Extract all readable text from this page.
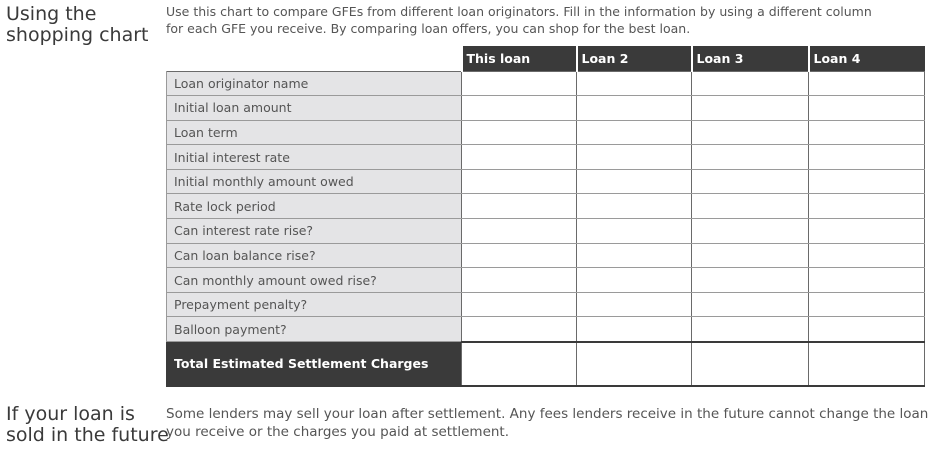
Using the
shopping chart

Use this chart to compare GFEs from different loan originators. Fill in the information by using a different column
for each GFE you receive. By comparing loan offers, you can shop for the best loan.

	This loan	Loan 2	Loan 3	Loan 4
Loan originator name				
Initial loan amount				
Loan term				
Initial interest rate				
Initial monthly amount owed				
Rate lock period				
Can interest rate rise?				
Can loan balance rise?				
Can monthly amount owed rise?				
Prepayment penalty?				
Balloon payment?				
Total Estimated Settlement Charges				
If your loan is
sold in the future

Some lenders may sell your loan after settlement. Any fees lenders receive in the future cannot change the loan
you receive or the charges you paid at settlement.
